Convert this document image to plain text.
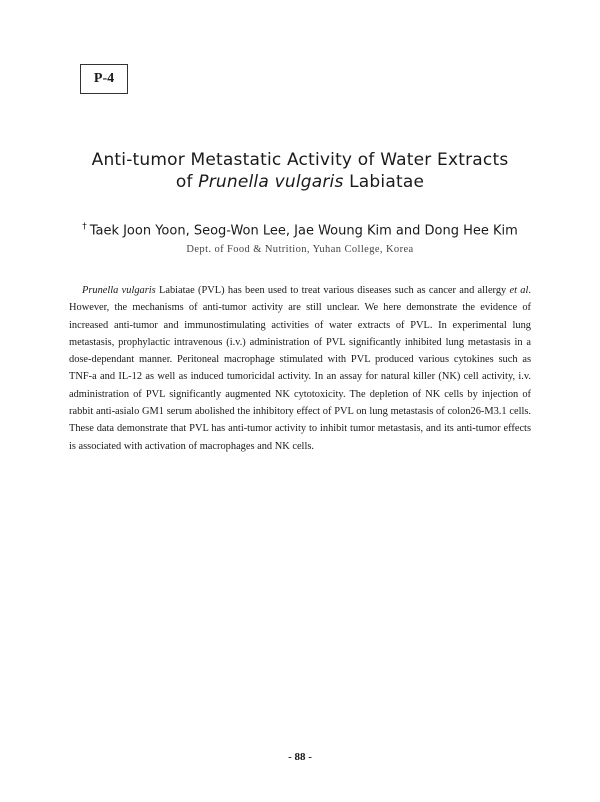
P-4
Anti-tumor Metastatic Activity of Water Extracts
of Prunella vulgaris Labiatae
† Taek Joon Yoon, Seog-Won Lee, Jae Woung Kim and Dong Hee Kim
Dept. of Food & Nutrition, Yuhan College, Korea
Prunella vulgaris Labiatae (PVL) has been used to treat various diseases such as cancer and allergy et al. However, the mechanisms of anti-tumor activity are still unclear. We here demonstrate the evidence of increased anti-tumor and immunostimulating activities of water extracts of PVL. In experimental lung metastasis, prophylactic intravenous (i.v.) administration of PVL significantly inhibited lung metastasis in a dose-dependant manner. Peritoneal macrophage stimulated with PVL produced various cytokines such as TNF-a and IL-12 as well as induced tumoricidal activity. In an assay for natural killer (NK) cell activity, i.v. administration of PVL significantly augmented NK cytotoxicity. The depletion of NK cells by injection of rabbit anti-asialo GM1 serum abolished the inhibitory effect of PVL on lung metastasis of colon26-M3.1 cells. These data demonstrate that PVL has anti-tumor activity to inhibit tumor metastasis, and its anti-tumor effects is associated with activation of macrophages and NK cells.
- 88 -
